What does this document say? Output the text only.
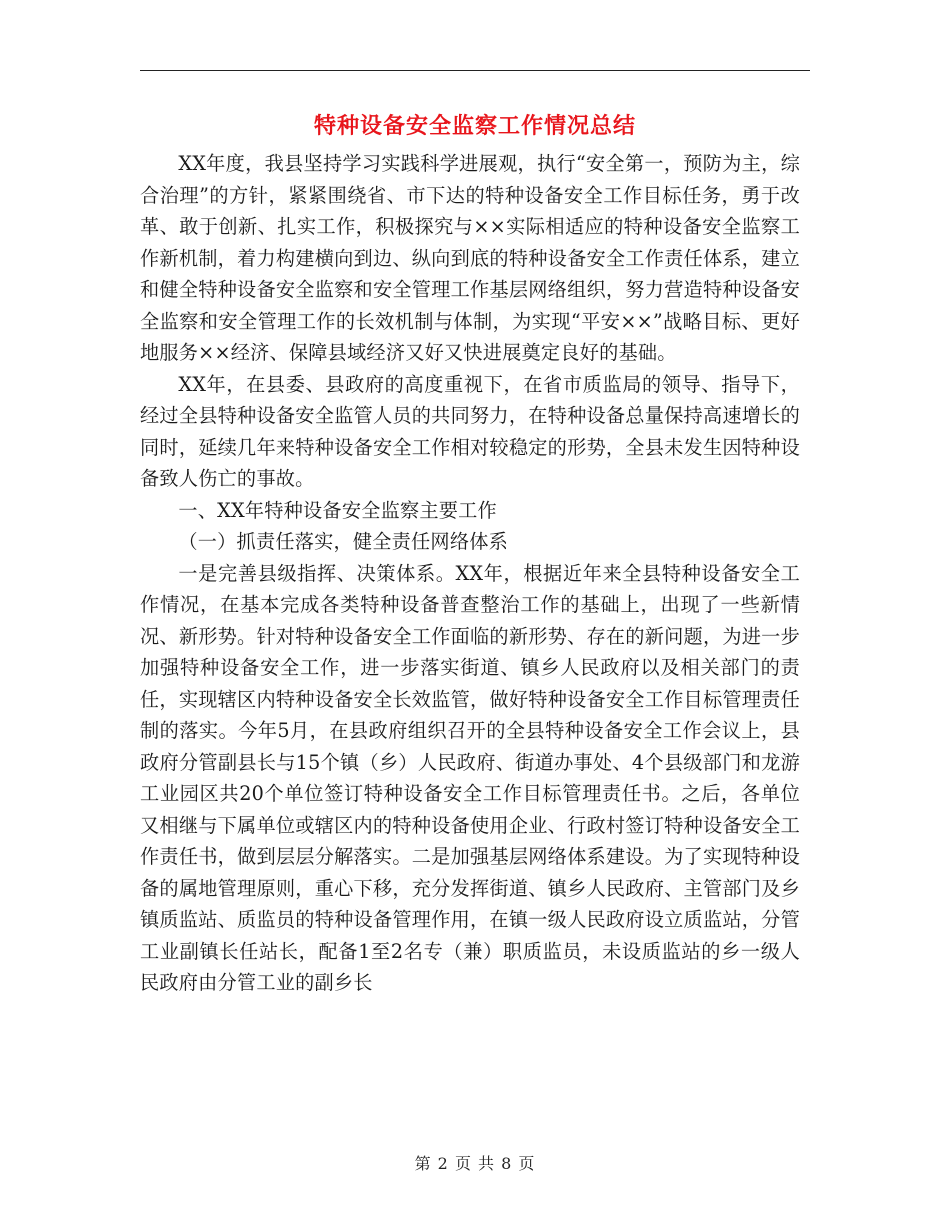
特种设备安全监察工作情况总结

XX年度，我县坚持学习实践科学进展观，执行“安全第一，预防为主，综合治理”的方针，紧紧围绕省、市下达的特种设备安全工作目标任务，勇于改革、敢于创新、扎实工作，积极探究与××实际相适应的特种设备安全监察工作新机制，着力构建横向到边、纵向到底的特种设备安全工作责任体系，建立和健全特种设备安全监察和安全管理工作基层网络组织，努力营造特种设备安全监察和安全管理工作的长效机制与体制，为实现“平安××”战略目标、更好地服务××经济、保障县域经济又好又快进展奠定良好的基础。

XX年，在县委、县政府的高度重视下，在省市质监局的领导、指导下，经过全县特种设备安全监管人员的共同努力，在特种设备总量保持高速增长的同时，延续几年来特种设备安全工作相对较稳定的形势，全县未发生因特种设备致人伤亡的事故。

一、XX年特种设备安全监察主要工作

（一）抓责任落实，健全责任网络体系

一是完善县级指挥、决策体系。XX年，根据近年来全县特种设备安全工作情况，在基本完成各类特种设备普查整治工作的基础上，出现了一些新情况、新形势。针对特种设备安全工作面临的新形势、存在的新问题，为进一步加强特种设备安全工作，进一步落实街道、镇乡人民政府以及相关部门的责任，实现辖区内特种设备安全长效监管，做好特种设备安全工作目标管理责任制的落实。今年5月，在县政府组织召开的全县特种设备安全工作会议上，县政府分管副县长与15个镇（乡）人民政府、街道办事处、4个县级部门和龙游工业园区共20个单位签订特种设备安全工作目标管理责任书。之后，各单位又相继与下属单位或辖区内的特种设备使用企业、行政村签订特种设备安全工作责任书，做到层层分解落实。二是加强基层网络体系建设。为了实现特种设备的属地管理原则，重心下移，充分发挥街道、镇乡人民政府、主管部门及乡镇质监站、质监员的特种设备管理作用，在镇一级人民政府设立质监站，分管工业副镇长任站长，配备1至2名专（兼）职质监员，未设质监站的乡一级人民政府由分管工业的副乡长

第 2 页 共 8 页
